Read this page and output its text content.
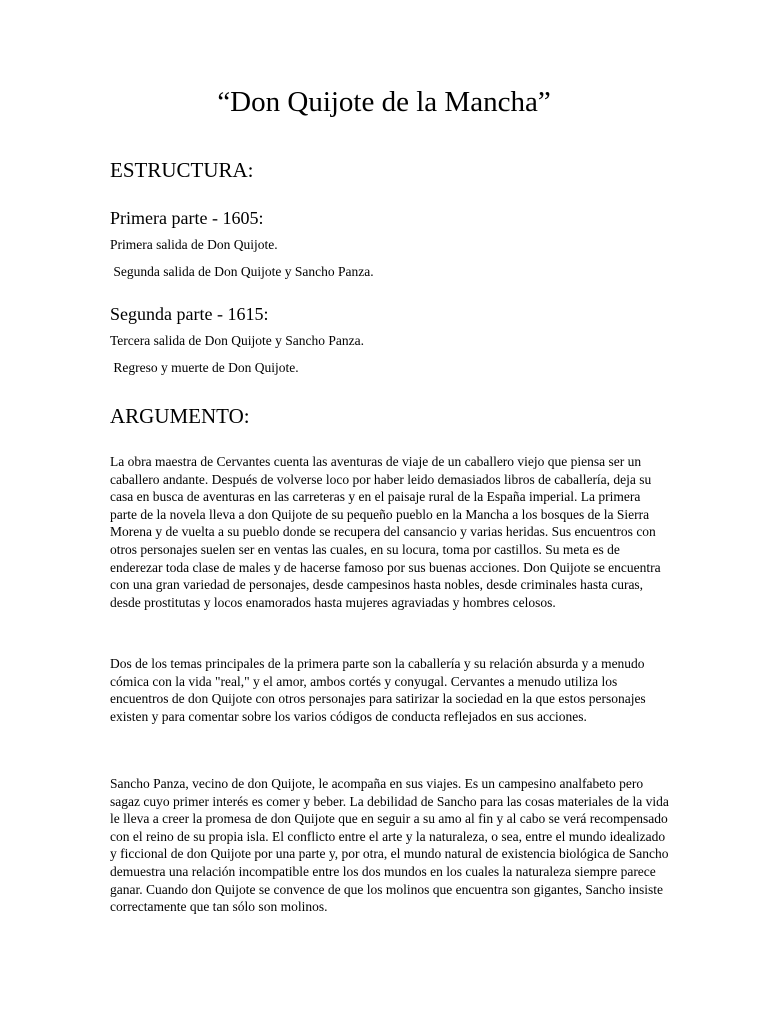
“Don Quijote de la Mancha”
ESTRUCTURA:
Primera parte - 1605:
Primera salida de Don Quijote.
Segunda salida de Don Quijote y Sancho Panza.
Segunda parte - 1615:
Tercera salida de Don Quijote y Sancho Panza.
Regreso y muerte de Don Quijote.
ARGUMENTO:

La obra maestra de Cervantes cuenta las aventuras de viaje de un caballero viejo que piensa ser un caballero andante. Después de volverse loco por haber leido demasiados libros de caballería, deja su casa en busca de aventuras en las carreteras y en el paisaje rural de la España imperial. La primera parte de la novela lleva a don Quijote de su pequeño pueblo en la Mancha a los bosques de la Sierra Morena y de vuelta a su pueblo donde se recupera del cansancio y varias heridas. Sus encuentros con otros personajes suelen ser en ventas las cuales, en su locura, toma por castillos. Su meta es de enderezar toda clase de males y de hacerse famoso por sus buenas acciones. Don Quijote se encuentra con una gran variedad de personajes, desde campesinos hasta nobles, desde criminales hasta curas, desde prostitutas y locos enamorados hasta mujeres agraviadas y hombres celosos.

Dos de los temas principales de la primera parte son la caballería y su relación absurda y a menudo cómica con la vida "real," y el amor, ambos cortés y conyugal. Cervantes a menudo utiliza los encuentros de don Quijote con otros personajes para satirizar la sociedad en la que estos personajes existen y para comentar sobre los varios códigos de conducta reflejados en sus acciones.

Sancho Panza, vecino de don Quijote, le acompaña en sus viajes. Es un campesino analfabeto pero sagaz cuyo primer interés es comer y beber. La debilidad de Sancho para las cosas materiales de la vida le lleva a creer la promesa de don Quijote que en seguir a su amo al fin y al cabo se verá recompensado con el reino de su propia isla. El conflicto entre el arte y la naturaleza, o sea, entre el mundo idealizado y ficcional de don Quijote por una parte y, por otra, el mundo natural de existencia biológica de Sancho demuestra una relación incompatible entre los dos mundos en los cuales la naturaleza siempre parece ganar. Cuando don Quijote se convence de que los molinos que encuentra son gigantes, Sancho insiste correctamente que tan sólo son molinos.
